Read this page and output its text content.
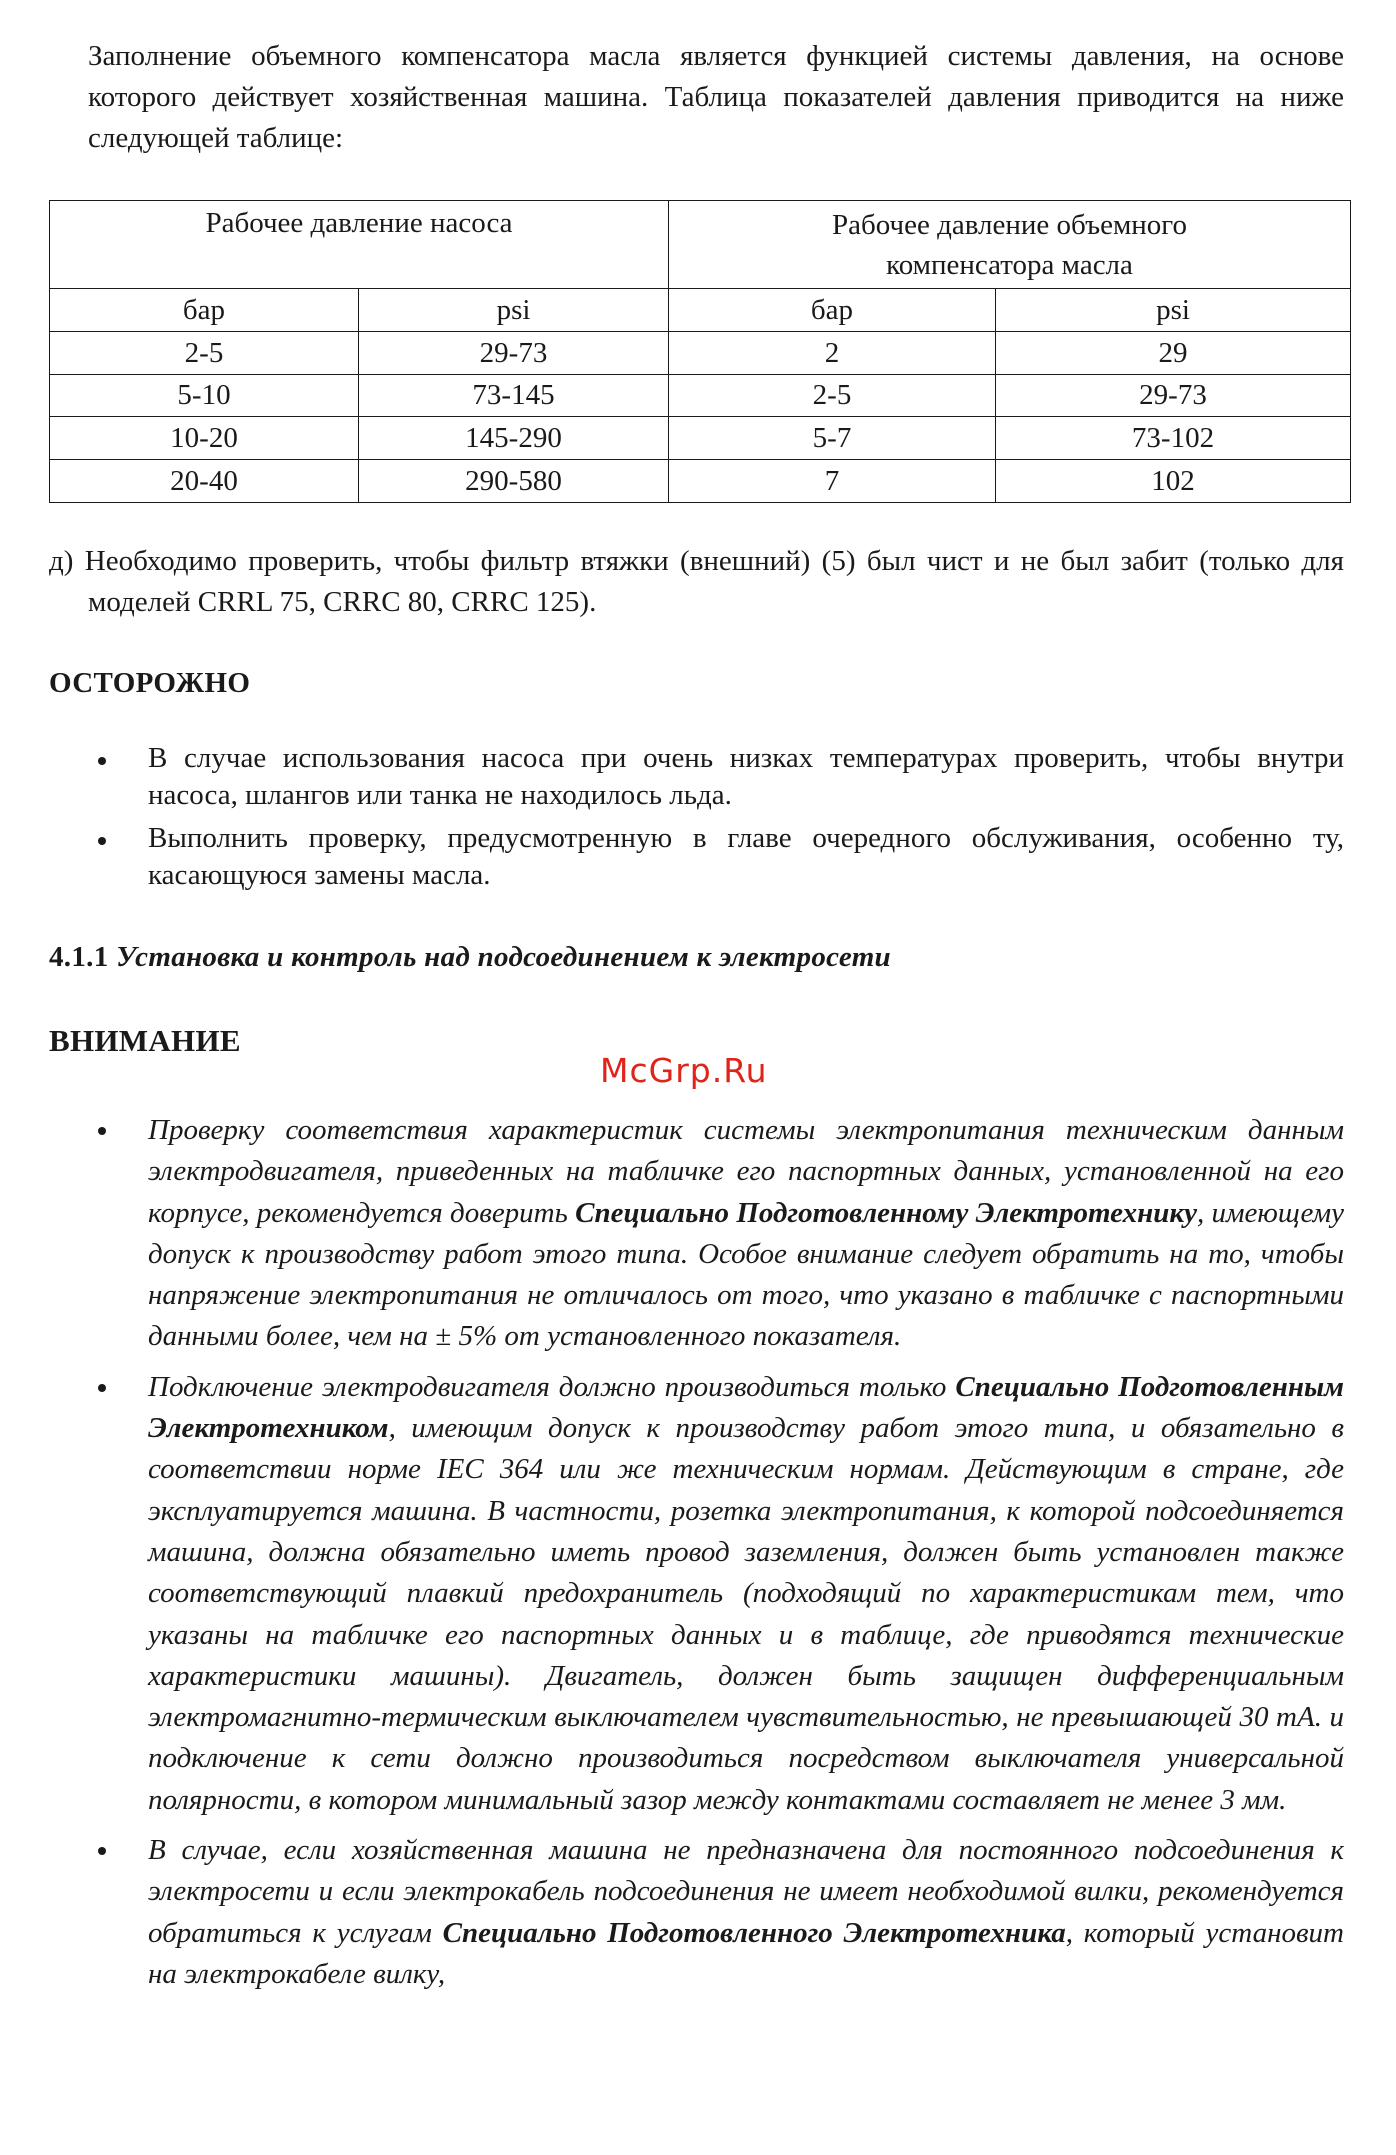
Заполнение объемного компенсатора масла является функцией системы давления, на основе которого действует хозяйственная машина. Таблица показателей давления приводится на ниже следующей таблице:

Рабочее давление насоса		Рабочее давление объемного компенсатора масла	
бар	psi	бар	psi
2-5	29-73	2	29
5-10	73-145	2-5	29-73
10-20	145-290	5-7	73-102
20-40	290-580	7	102

д) Необходимо проверить, чтобы фильтр втяжки (внешний) (5) был чист и не был забит (только для моделей CRRL 75, CRRC 80, CRRC 125).

ОСТОРОЖНО
В случае использования насоса при очень низках температурах проверить, чтобы внутри насоса, шлангов или танка не находилось льда.
Выполнить проверку, предусмотренную в главе очередного обслуживания, особенно ту, касающуюся замены масла.
4.1.1 Установка и контроль над подсоединением к электросети
ВНИМАНИЕ
McGrp.Ru
Проверку соответствия характеристик системы электропитания техническим данным электродвигателя, приведенных на табличке его паспортных данных, установленной на его корпусе, рекомендуется доверить Специально Подготовленному Электротехнику, имеющему допуск к производству работ этого типа. Особое внимание следует обратить на то, чтобы напряжение электропитания не отличалось от того, что указано в табличке с паспортными данными более, чем на ± 5% от установленного показателя.
Подключение электродвигателя должно производиться только Специально Подготовленным Электротехником, имеющим допуск к производству работ этого типа, и обязательно в соответствии норме IEC 364 или же техническим нормам. Действующим в стране, где эксплуатируется машина. В частности, розетка электропитания, к которой подсоединяется машина, должна обязательно иметь провод заземления, должен быть установлен также соответствующий плавкий предохранитель (подходящий по характеристикам тем, что указаны на табличке его паспортных данных и в таблице, где приводятся технические характеристики машины). Двигатель, должен быть защищен дифференциальным электромагнитно-термическим выключателем чувствительностью, не превышающей 30 mA. и подключение к сети должно производиться посредством выключателя универсальной полярности, в котором минимальный зазор между контактами составляет не менее 3 мм.
В случае, если хозяйственная машина не предназначена для постоянного подсоединения к электросети и если электрокабель подсоединения не имеет необходимой вилки, рекомендуется обратиться к услугам Специально Подготовленного Электротехника, который установит на электрокабеле вилку,
